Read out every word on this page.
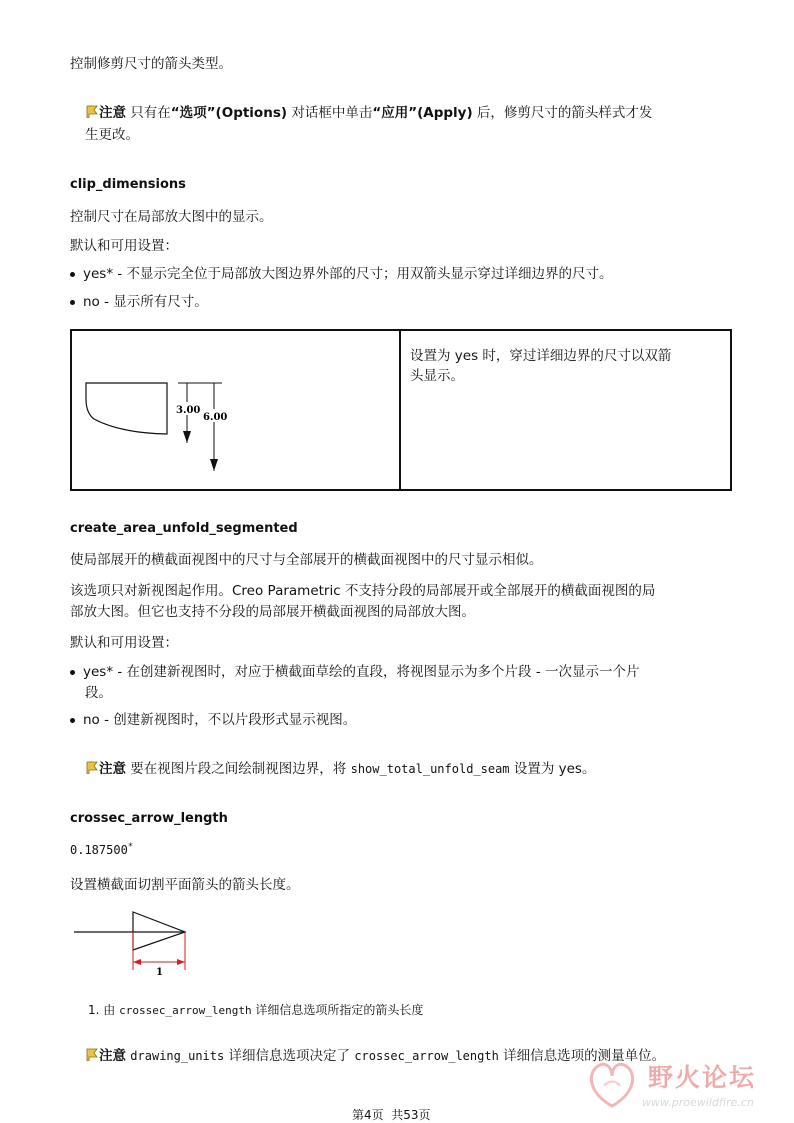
控制修剪尺寸的箭头类型。
注意 只有在“选项”(Options) 对话框中单击“应用”(Apply) 后，修剪尺寸的箭头样式才发
生更改。
clip_dimensions
控制尺寸在局部放大图中的显示。
默认和可用设置：
yes* - 不显示完全位于局部放大图边界外部的尺寸；用双箭头显示穿过详细边界的尺寸。
no - 显示所有尺寸。
3.00
6.00
设置为 yes 时，穿过详细边界的尺寸以双箭
头显示。
create_area_unfold_segmented
使局部展开的横截面视图中的尺寸与全部展开的横截面视图中的尺寸显示相似。
该选项只对新视图起作用。Creo Parametric 不支持分段的局部展开或全部展开的横截面视图的局
部放大图。但它也支持不分段的局部展开横截面视图的局部放大图。
默认和可用设置：
yes* - 在创建新视图时，对应于横截面草绘的直段，将视图显示为多个片段 - 一次显示一个片
段。
no - 创建新视图时，不以片段形式显示视图。
注意 要在视图片段之间绘制视图边界，将 show_total_unfold_seam 设置为 yes。
crossec_arrow_length
0.187500*
设置横截面切割平面箭头的箭头长度。
1
1. 由 crossec_arrow_length 详细信息选项所指定的箭头长度
注意 drawing_units 详细信息选项决定了 crossec_arrow_length 详细信息选项的测量单位。
第4页 共53页
野火论坛
www.proewildfire.cn
